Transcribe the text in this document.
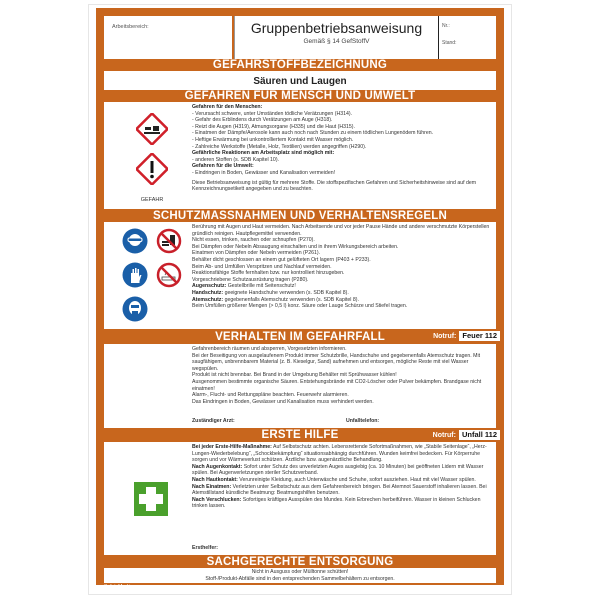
Arbeitsbereich:	Gruppenbetriebsanweisung
Gemäß § 14 GefStoffV
Nr.:
Stand:
GEFAHRSTOFFBEZEICHNUNG
Säuren und Laugen
GEFAHREN FÜR MENSCH UND UMWELT
GEFAHR
Gefahren für den Menschen:
- Verursacht schwere, unter Umständen tödliche Verätzungen (H314).
- Gefahr des Erblindens durch Verätzungen am Auge (H318).
- Reizt die Augen (H319), Atmungsorgane (H335) und die Haut (H315).
- Einatmen der Dämpfe/Aerosole kann auch noch nach Stunden zu einem tödlichen Lungenödem führen.
- Heftige Erwärmung bei unkontrolliertem Kontakt mit Wasser möglich.
- Zahlreiche Werkstoffe (Metalle, Holz, Textilien) werden angegriffen (H290).
Gefährliche Reaktionen am Arbeitsplatz sind möglich mit:
- anderen Stoffen (s. SDB Kapitel 10).
Gefahren für die Umwelt:
- Eindringen in Boden, Gewässer und Kanalisation vermeiden!
Diese Betriebsanweisung ist gültig für mehrere Stoffe. Die stoffspezifischen Gefahren und Sicherheitshinweise sind auf dem Kennzeichnungsetikett angegeben und zu beachten.
SCHUTZMASSNAHMEN UND VERHALTENSREGELN
Berührung mit Augen und Haut vermeiden. Nach Arbeitsende und vor jeder Pause Hände und andere verschmutzte Körperstellen gründlich reinigen. Hautpflegemittel verwenden.
Nicht essen, trinken, rauchen oder schnupfen (P270).
Bei Dämpfen oder Nebeln Absaugung einschalten und in ihrem Wirkungsbereich arbeiten.
Einatmen von Dämpfen oder Nebeln vermeiden (P261).
Behälter dicht geschlossen an einem gut gelüfteten Ort lagern (P403 + P233).
Beim Ab- und Umfüllen Verspritzen und Nachlauf vermeiden.
Reaktionsfähige Stoffe fernhalten bzw. nur kontrolliert hinzugeben.
Vorgeschriebene Schutzausrüstung tragen (P280).
Augenschutz: Gestellbrille mit Seitenschutz!
Handschutz: geeignete Handschuhe verwenden (s. SDB Kapitel 8).
Atemschutz: gegebenenfalls Atemschutz verwenden (s. SDB Kapitel 8).
Beim Umfüllen größerer Mengen (> 0,5 l) konz. Säure oder Lauge Schürze und Stiefel tragen.
VERHALTEN IM GEFAHRFALL	Notruf: Feuer 112
Gefahrenbereich räumen und absperren, Vorgesetzten informieren.
Bei der Beseitigung von ausgelaufenem Produkt immer Schutzbrille, Handschuhe und gegebenenfalls Atemschutz tragen. Mit saugfähigem, unbrennbarem Material (z. B. Kieselgur, Sand) aufnehmen und entsorgen, mögliche Reste mit viel Wasser wegspülen.
Produkt ist nicht brennbar. Bei Brand in der Umgebung Behälter mit Sprühwasser kühlen!
Ausgenommen bestimmte organische Säuren. Entstehungsbrände mit CO2-Löscher oder Pulver bekämpfen. Brandgase nicht einatmen!
Alarm-, Flucht- und Rettungspläne beachten. Feuerwehr alarmieren.
Das Eindringen in Boden, Gewässer und Kanalisation muss verhindert werden.
Zuständiger Arzt:	Unfalltelefon:
ERSTE HILFE	Notruf: Unfall 112
Bei jeder Erste-Hilfe-Maßnahme: Auf Selbstschutz achten. Lebensrettende Sofortmaßnahmen, wie „Stabile Seitenlage“, „Herz-Lungen-Wiederbelebung“, „Schockbekämpfung“ situationsabhängig durchführen. Wunden keimfrei bedecken. Für Körperruhe sorgen und vor Wärmeverlust schützen. Ärztliche bzw. augenärztliche Behandlung.
Nach Augenkontakt: Sofort unter Schutz des unverletzten Auges ausgiebig (ca. 10 Minuten) bei geöffneten Lidern mit Wasser spülen. Bei Augenverletzungen steriler Schutzverband.
Nach Hautkontakt: Verunreinigte Kleidung, auch Unterwäsche und Schuhe, sofort ausziehen. Haut mit viel Wasser spülen.
Nach Einatmen: Verletzten unter Selbstschutz aus dem Gefahrenbereich bringen. Bei Atemnot Sauerstoff inhalieren lassen. Bei Atemstillstand künstliche Beatmung: Beatmungshilfen benutzen.
Nach Verschlucken: Sofortiges kräftiges Ausspülen des Mundes. Kein Erbrechen herbeiführen. Wasser in kleinen Schlucken trinken lassen.
Ersthelfer:
SACHGERECHTE ENTSORGUNG
Nicht in Ausguss oder Mülltonne schütten!
Stoff-/Produkt-Abfälle sind in den entsprechenden Sammelbehältern zu entsorgen.
SafetyMarking
